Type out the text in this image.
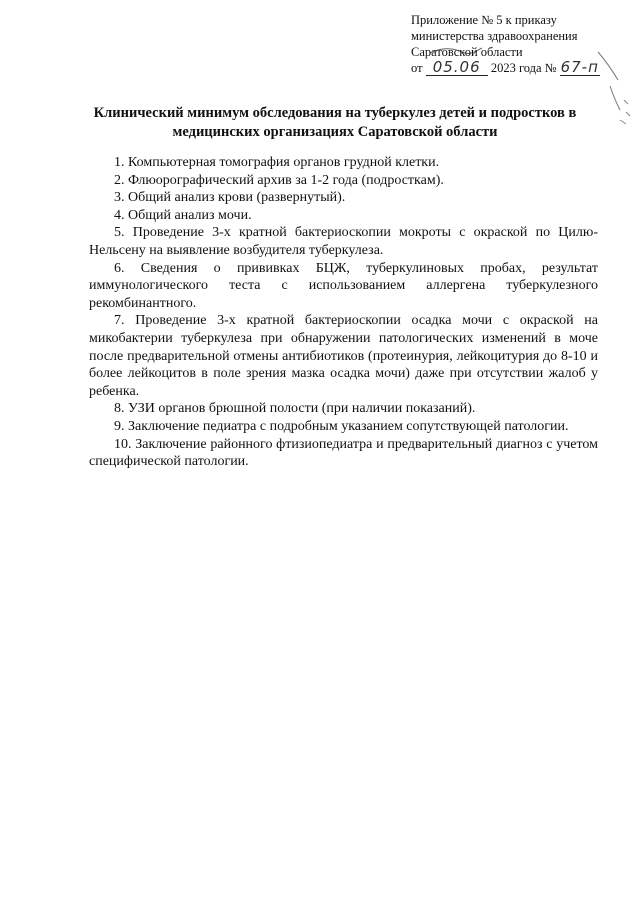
Приложение № 5 к приказу
министерства здравоохранения
Саратовской области
от 05.06 2023 года № 67-п
Клинический минимум обследования на туберкулез детей и подростков в медицинских организациях Саратовской области
1. Компьютерная томография органов грудной клетки.
2. Флюорографический архив за 1-2 года (подросткам).
3. Общий анализ крови (развернутый).
4. Общий анализ мочи.
5. Проведение 3-х кратной бактериоскопии мокроты с окраской по Цилю-Нельсену на выявление возбудителя туберкулеза.
6. Сведения о прививках БЦЖ, туберкулиновых пробах, результат иммунологического теста с использованием аллергена туберкулезного рекомбинантного.
7. Проведение 3-х кратной бактериоскопии осадка мочи с окраской на микобактерии туберкулеза при обнаружении патологических изменений в моче после предварительной отмены антибиотиков (протеинурия, лейкоцитурия до 8-10 и более лейкоцитов в поле зрения мазка осадка мочи) даже при отсутствии жалоб у ребенка.
8. УЗИ органов брюшной полости (при наличии показаний).
9. Заключение педиатра с подробным указанием сопутствующей патологии.
10. Заключение районного фтизиопедиатра и предварительный диагноз с учетом специфической патологии.
